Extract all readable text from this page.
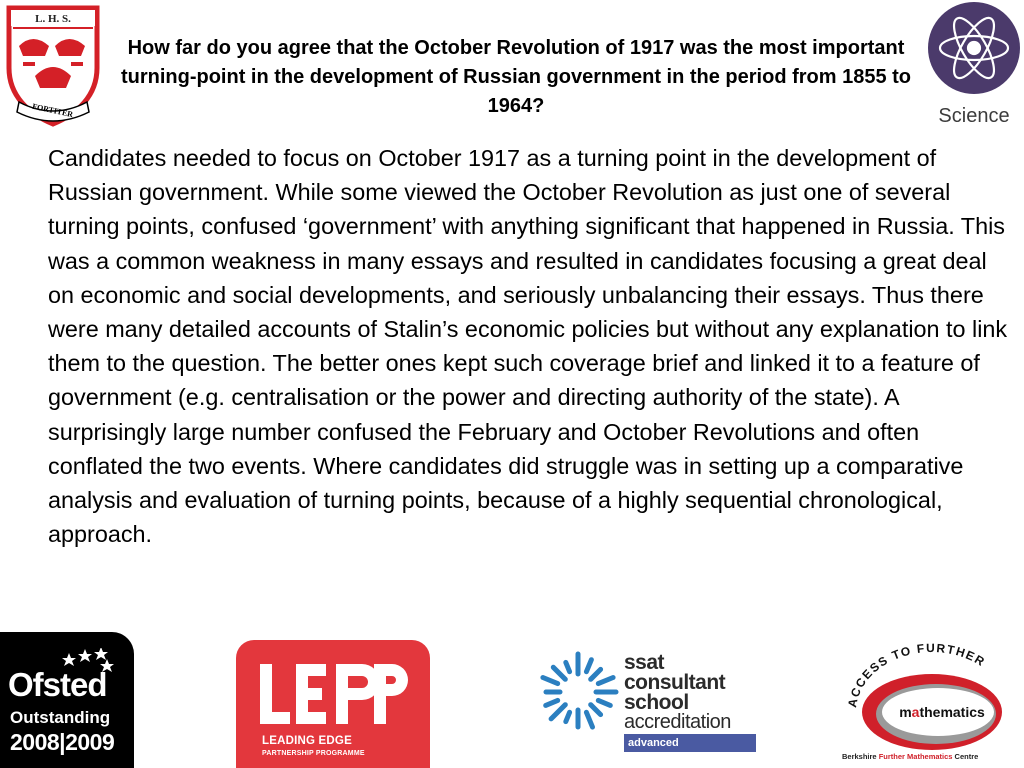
L. H. S.
FORTITER	Science
How far do you agree that the October Revolution of 1917 was the most important turning-point in the development of Russian government in the period from 1855 to 1964?
Candidates needed to focus on October 1917 as a turning point in the development of Russian government. While some viewed the October Revolution as just one of several turning points, confused ‘government’ with anything significant that happened in Russia. This was a common weakness in many essays and resulted in candidates focusing a great deal on economic and social developments, and seriously unbalancing their essays. Thus there were many detailed accounts of Stalin’s economic policies but without any explanation to link them to the question. The better ones kept such coverage brief and linked it to a feature of government (e.g. centralisation or the power and directing authority of the state). A surprisingly large number confused the February and October Revolutions and often conflated the two events. Where candidates did struggle was in setting up a comparative analysis and evaluation of turning points, because of a highly sequential chronological, approach.
Ofsted
Outstanding
2008|2009	LEADING EDGE
PARTNERSHIP PROGRAMME
ssat
consultant
school
accreditation
advanced
ACCESS TO FURTHER
mathematics
Berkshire Further Mathematics Centre
